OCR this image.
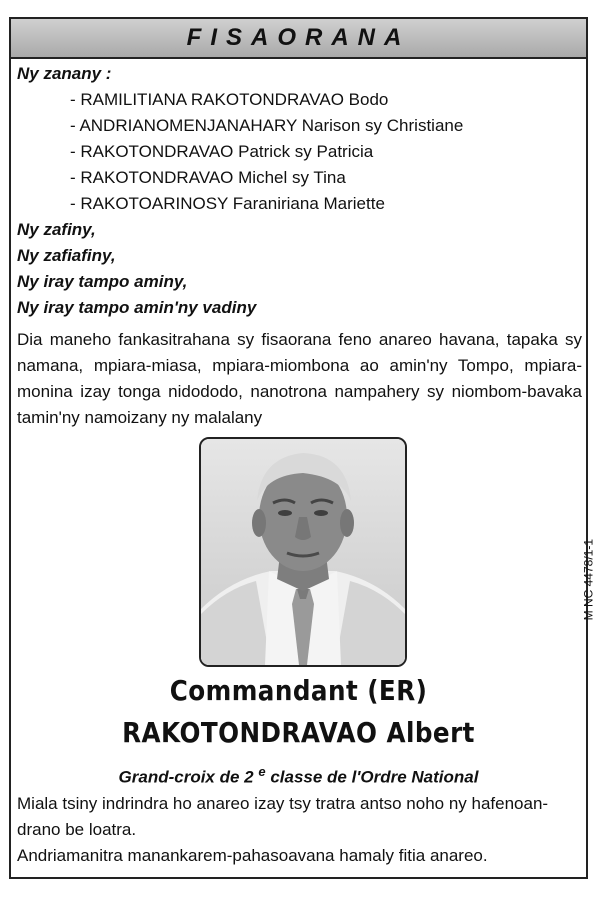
FISAORANA
Ny zanany :
- RAMILITIANA RAKOTONDRAVAO Bodo
- ANDRIANOMENJANAHARY Narison sy Christiane
- RAKOTONDRAVAO Patrick sy Patricia
- RAKOTONDRAVAO Michel sy Tina
- RAKOTOARINOSY Faraniriana Mariette
Ny zafiny,
Ny zafiafiny,
Ny iray tampo aminy,
Ny iray tampo amin'ny vadiny
Dia maneho fankasitrahana sy fisaorana feno anareo havana, tapaka sy namana, mpiara-miasa, mpiara-miombona ao amin'ny Tompo, mpiara-monina izay tonga nidododo, nanotrona nampahery sy niombom-bavaka tamin'ny namoizany ny malalany
M NC 4478/1-1
Commandant (ER)
RAKOTONDRAVAO Albert
Grand-croix de 2 $^e$ classe de l'Ordre National
Miala tsiny indrindra ho anareo izay tsy tratra antso noho ny hafenoan-drano be loatra.
Andriamanitra manankarem-pahasoavana hamaly fitia anareo.
